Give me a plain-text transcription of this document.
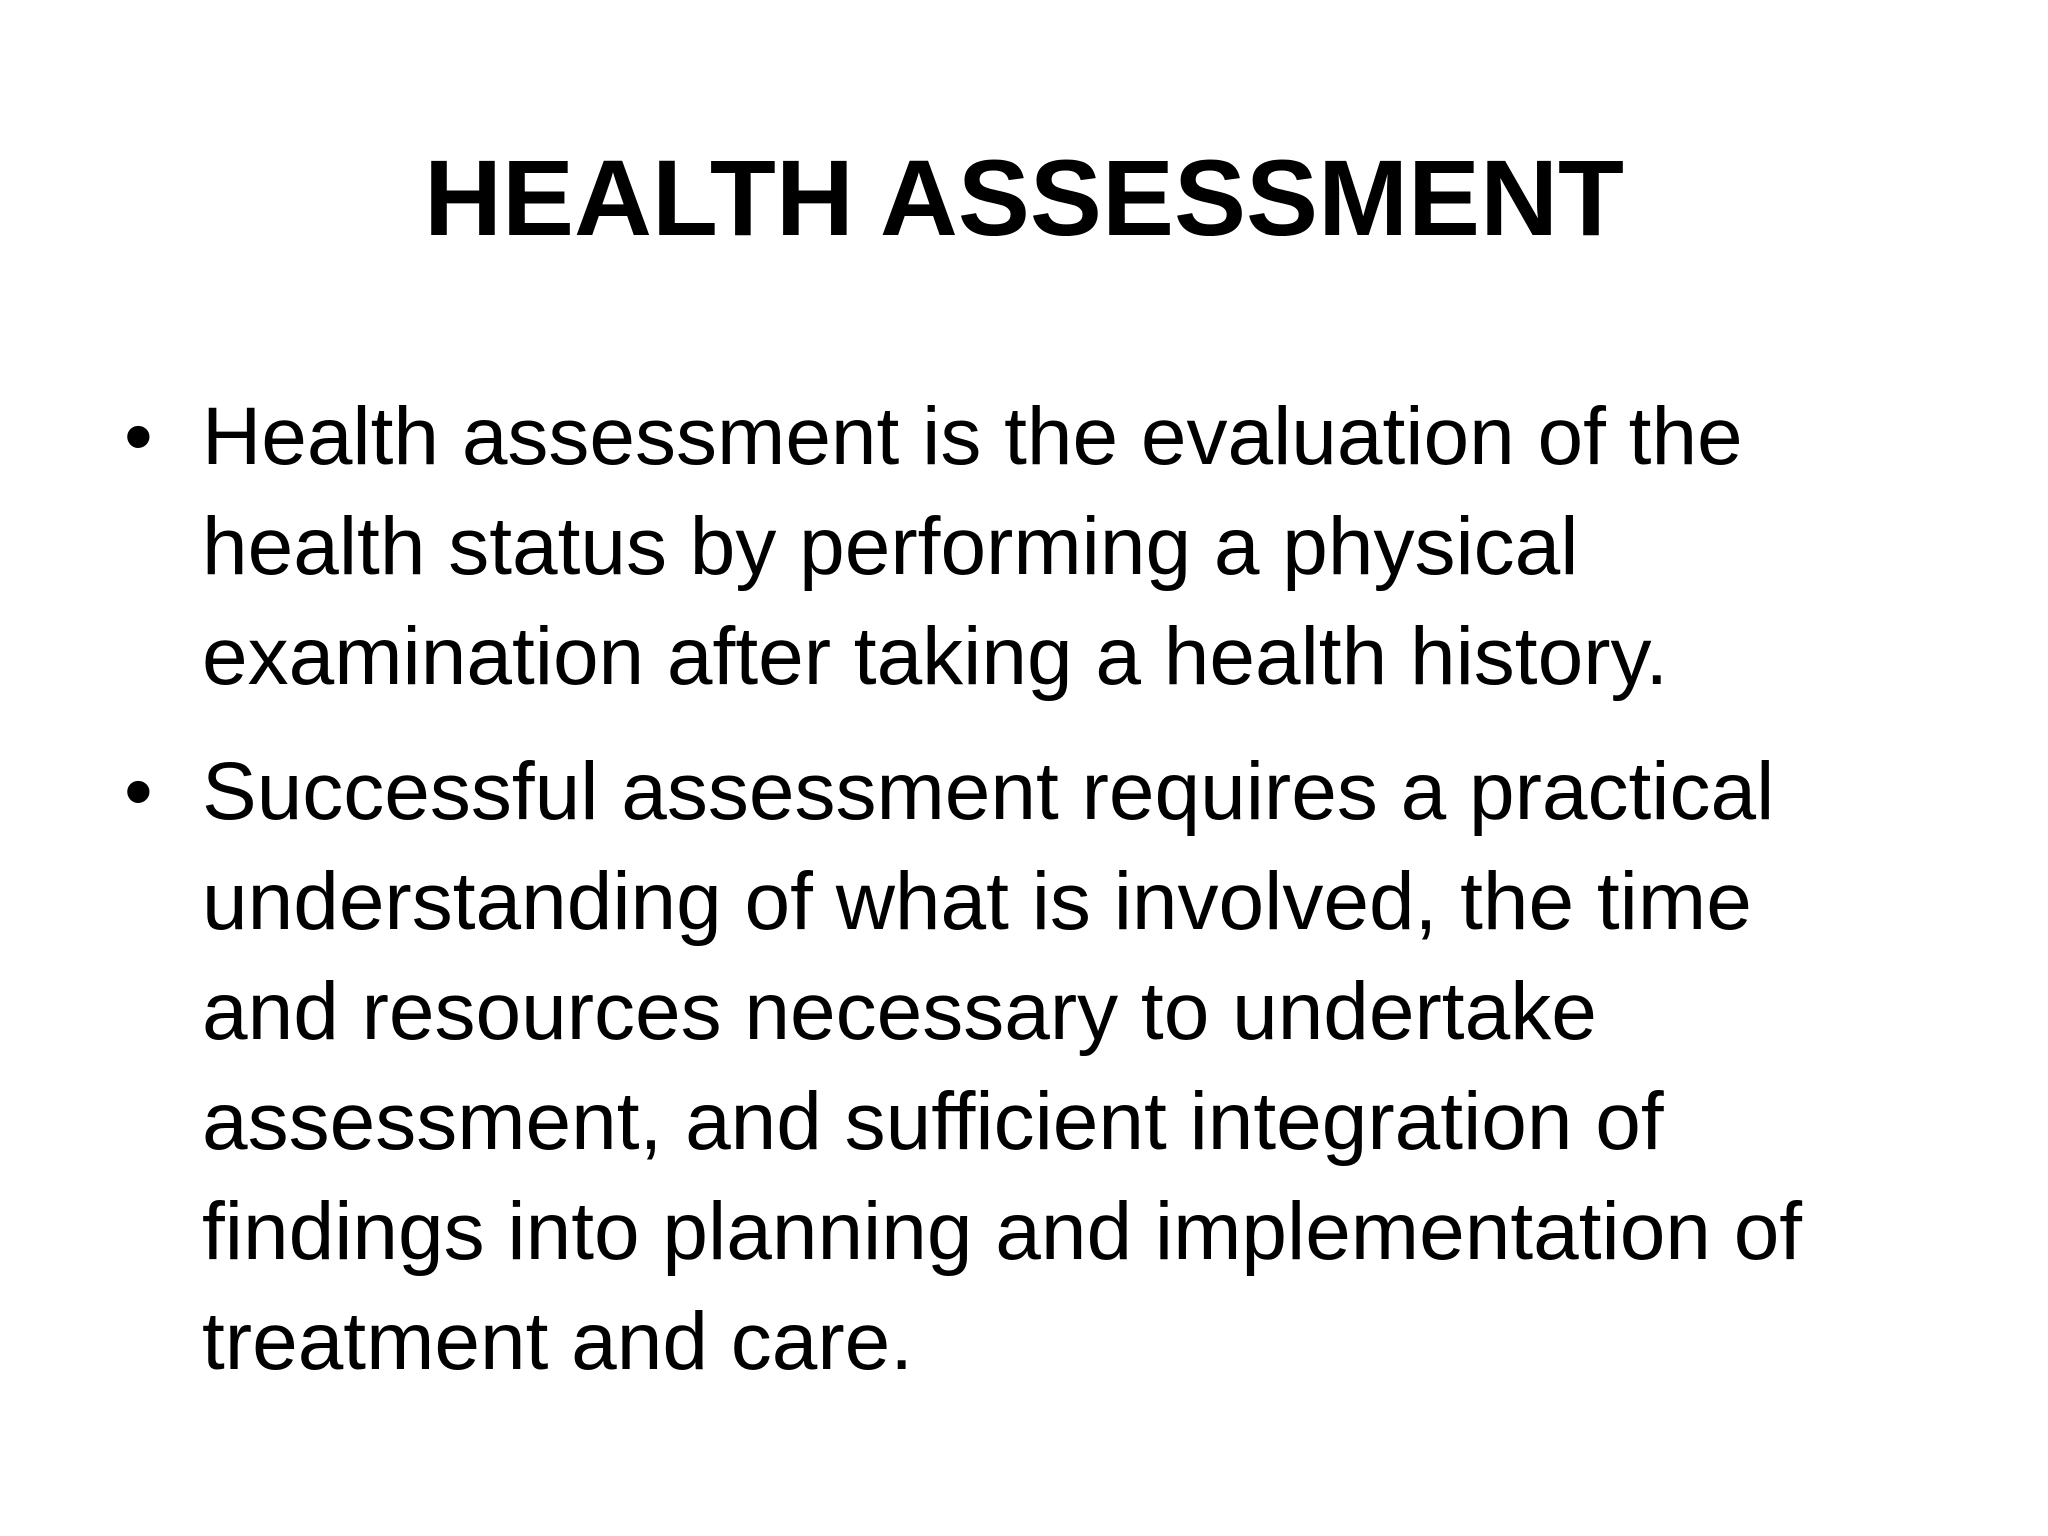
HEALTH ASSESSMENT
• Health assessment is the evaluation of the
health status by performing a physical
examination after taking a health history.
• Successful assessment requires a practical
understanding of what is involved, the time
and resources necessary to undertake
assessment, and sufficient integration of
findings into planning and implementation of
treatment and care.
